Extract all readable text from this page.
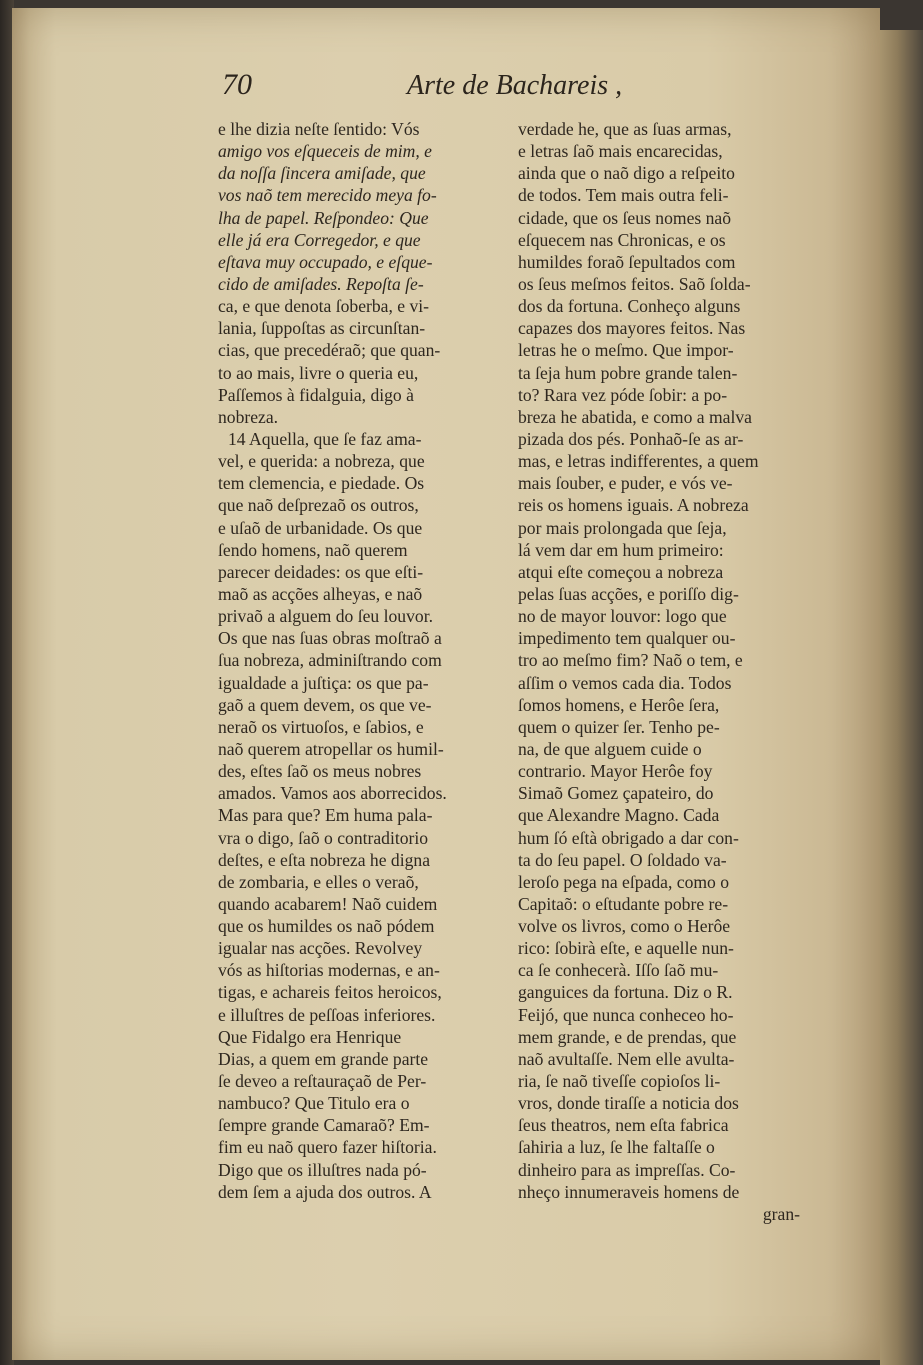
70	Arte de Bachareis ,
e lhe dizia neſte ſentido: Vós
amigo vos eſqueceis de mim, e
da noſſa ſincera amiſade, que
vos naõ tem merecido meya fo-
lha de papel. Reſpondeo: Que
elle já era Corregedor, e que
eſtava muy occupado, e eſque-
cido de amiſades. Repoſta ſe-
ca, e que denota ſoberba, e vi-
lania, ſuppoſtas as circunſtan-
cias, que precedéraõ; que quan-
to ao mais, livre o queria eu,
Paſſemos à fidalguia, digo à
nobreza.
14 Aquella, que ſe faz ama-
vel, e querida: a nobreza, que
tem clemencia, e piedade. Os
que naõ deſprezaõ os outros,
e uſaõ de urbanidade. Os que
ſendo homens, naõ querem
parecer deidades: os que eſti-
maõ as acções alheyas, e naõ
privaõ a alguem do ſeu louvor.
Os que nas ſuas obras moſtraõ a
ſua nobreza, adminiſtrando com
igualdade a juſtiça: os que pa-
gaõ a quem devem, os que ve-
neraõ os virtuoſos, e ſabios, e
naõ querem atropellar os humil-
des, eſtes ſaõ os meus nobres
amados. Vamos aos aborrecidos.
Mas para que? Em huma pala-
vra o digo, ſaõ o contraditorio
deſtes, e eſta nobreza he digna
de zombaria, e elles o veraõ,
quando acabarem! Naõ cuidem
que os humildes os naõ pódem
igualar nas acções. Revolvey
vós as hiſtorias modernas, e an-
tigas, e achareis feitos heroicos,
e illuſtres de peſſoas inferiores.
Que Fidalgo era Henrique
Dias, a quem em grande parte
ſe deveo a reſtauraçaõ de Per-
nambuco? Que Titulo era o
ſempre grande Camaraõ? Em-
fim eu naõ quero fazer hiſtoria.
Digo que os illuſtres nada pó-
dem ſem a ajuda dos outros. A
verdade he, que as ſuas armas,
e letras ſaõ mais encarecidas,
ainda que o naõ digo a reſpeito
de todos. Tem mais outra feli-
cidade, que os ſeus nomes naõ
eſquecem nas Chronicas, e os
humildes foraõ ſepultados com
os ſeus meſmos feitos. Saõ ſolda-
dos da fortuna. Conheço alguns
capazes dos mayores feitos. Nas
letras he o meſmo. Que impor-
ta ſeja hum pobre grande talen-
to? Rara vez póde ſobir: a po-
breza he abatida, e como a malva
pizada dos pés. Ponhaõ-ſe as ar-
mas, e letras indifferentes, a quem
mais ſouber, e puder, e vós ve-
reis os homens iguais. A nobreza
por mais prolongada que ſeja,
lá vem dar em hum primeiro:
atqui eſte começou a nobreza
pelas ſuas acções, e poriſſo dig-
no de mayor louvor: logo que
impedimento tem qualquer ou-
tro ao meſmo fim? Naõ o tem, e
aſſim o vemos cada dia. Todos
ſomos homens, e Herôe ſera,
quem o quizer ſer. Tenho pe-
na, de que alguem cuide o
contrario. Mayor Herôe foy
Simaõ Gomez çapateiro, do
que Alexandre Magno. Cada
hum ſó eſtà obrigado a dar con-
ta do ſeu papel. O ſoldado va-
leroſo pega na eſpada, como o
Capitaõ: o eſtudante pobre re-
volve os livros, como o Herôe
rico: ſobirà eſte, e aquelle nun-
ca ſe conhecerà. Iſſo ſaõ mu-
ganguices da fortuna. Diz o R.
Feijó, que nunca conheceo ho-
mem grande, e de prendas, que
naõ avultaſſe. Nem elle avulta-
ria, ſe naõ tiveſſe copioſos li-
vros, donde tiraſſe a noticia dos
ſeus theatros, nem eſta fabrica
ſahiria a luz, ſe lhe faltaſſe o
dinheiro para as impreſſas. Co-
nheço innumeraveis homens de
gran-
